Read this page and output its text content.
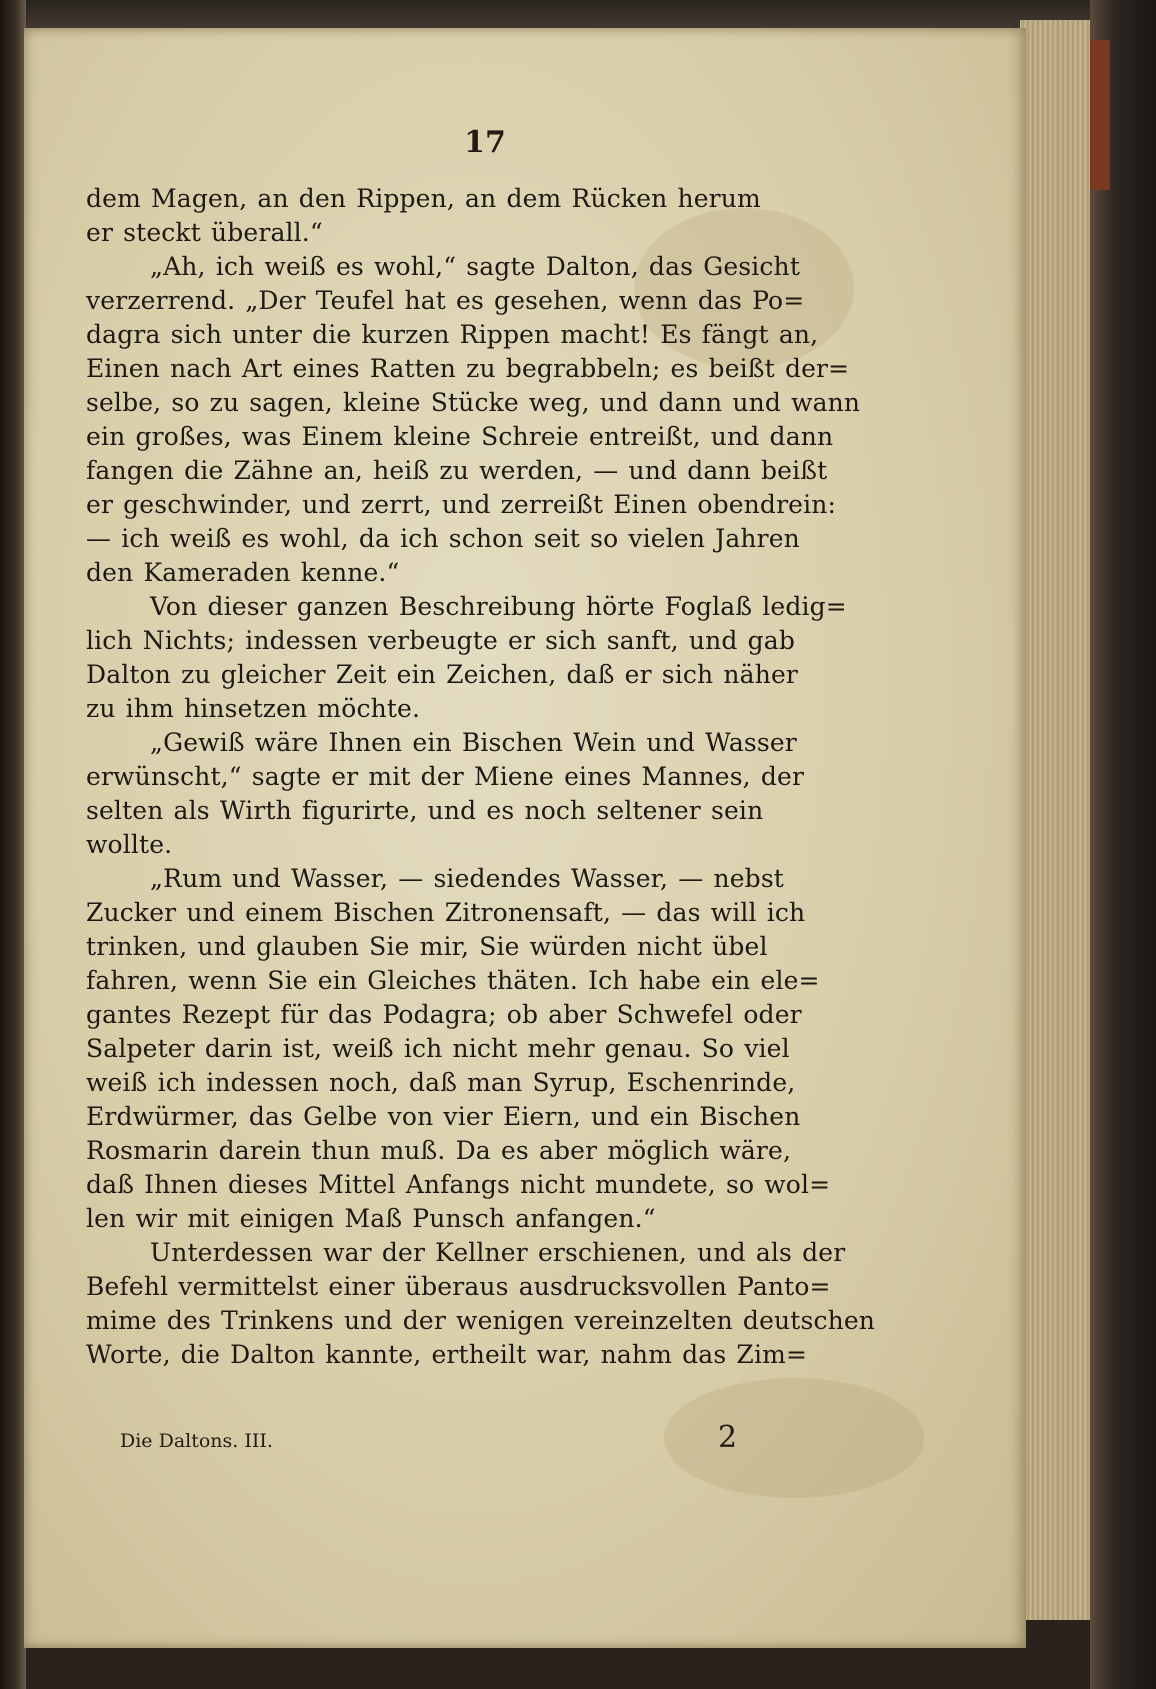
17
dem Magen, an den Rippen, an dem Rücken herum
er steckt überall.“
„Ah, ich weiß es wohl,“ sagte Dalton, das Gesicht
verzerrend. „Der Teufel hat es gesehen, wenn das Po=
dagra sich unter die kurzen Rippen macht! Es fängt an,
Einen nach Art eines Ratten zu begrabbeln; es beißt der=
selbe, so zu sagen, kleine Stücke weg, und dann und wann
ein großes, was Einem kleine Schreie entreißt, und dann
fangen die Zähne an, heiß zu werden, — und dann beißt
er geschwinder, und zerrt, und zerreißt Einen obendrein:
— ich weiß es wohl, da ich schon seit so vielen Jahren
den Kameraden kenne.“
Von dieser ganzen Beschreibung hörte Foglaß ledig=
lich Nichts; indessen verbeugte er sich sanft, und gab
Dalton zu gleicher Zeit ein Zeichen, daß er sich näher
zu ihm hinsetzen möchte.
„Gewiß wäre Ihnen ein Bischen Wein und Wasser
erwünscht,“ sagte er mit der Miene eines Mannes, der
selten als Wirth figurirte, und es noch seltener sein
wollte.
„Rum und Wasser, — siedendes Wasser, — nebst
Zucker und einem Bischen Zitronensaft, — das will ich
trinken, und glauben Sie mir, Sie würden nicht übel
fahren, wenn Sie ein Gleiches thäten. Ich habe ein ele=
gantes Rezept für das Podagra; ob aber Schwefel oder
Salpeter darin ist, weiß ich nicht mehr genau. So viel
weiß ich indessen noch, daß man Syrup, Eschenrinde,
Erdwürmer, das Gelbe von vier Eiern, und ein Bischen
Rosmarin darein thun muß. Da es aber möglich wäre,
daß Ihnen dieses Mittel Anfangs nicht mundete, so wol=
len wir mit einigen Maß Punsch anfangen.“
Unterdessen war der Kellner erschienen, und als der
Befehl vermittelst einer überaus ausdrucksvollen Panto=
mime des Trinkens und der wenigen vereinzelten deutschen
Worte, die Dalton kannte, ertheilt war, nahm das Zim=
Die Daltons. III.	2
